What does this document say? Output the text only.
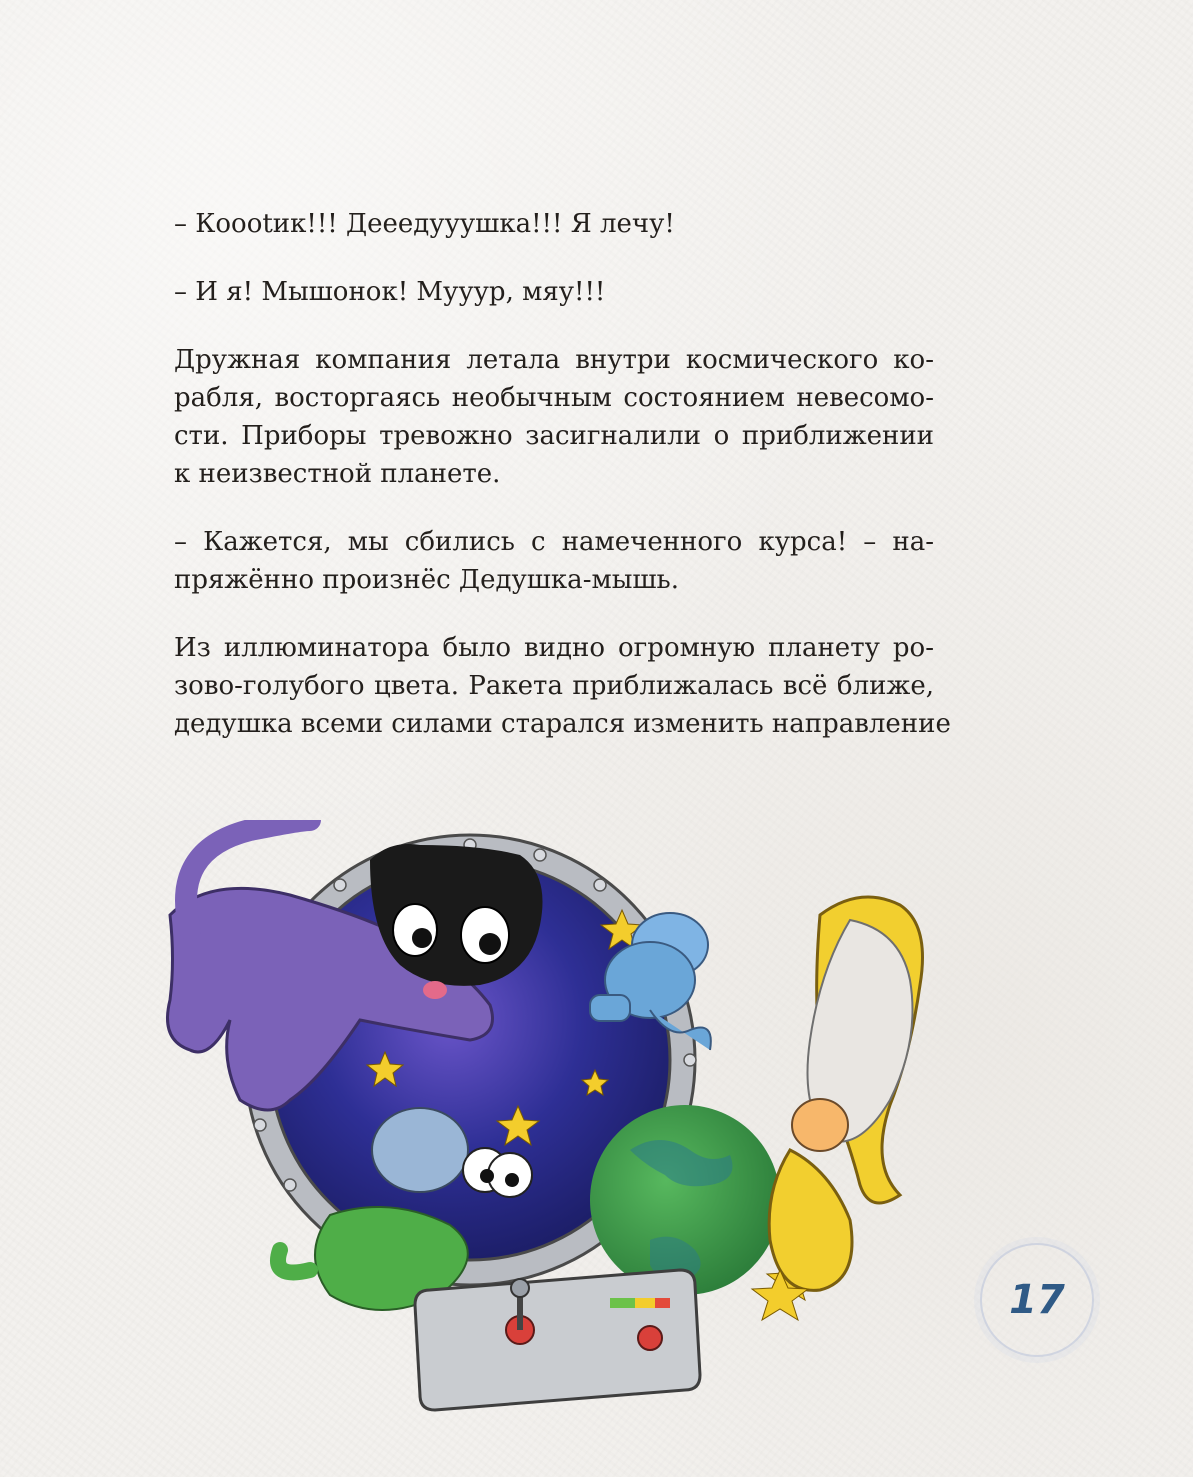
– Коootик!!! Дееедууушка!!! Я лечу!

– И я! Мышонок! Мууур, мяу!!!

Дружная компания летала внутри космического ко-
рабля, восторгаясь необычным состоянием невесомо-
сти. Приборы тревожно засигналили о приближении
к неизвестной планете.

– Кажется, мы сбились с намеченного курса! – на-
пряжённо произнёс Дедушка-мышь.

Из иллюминатора было видно огромную планету ро-
зово-голубого цвета. Ракета приближалась всё ближе,
дедушка всеми силами старался изменить направление

17
